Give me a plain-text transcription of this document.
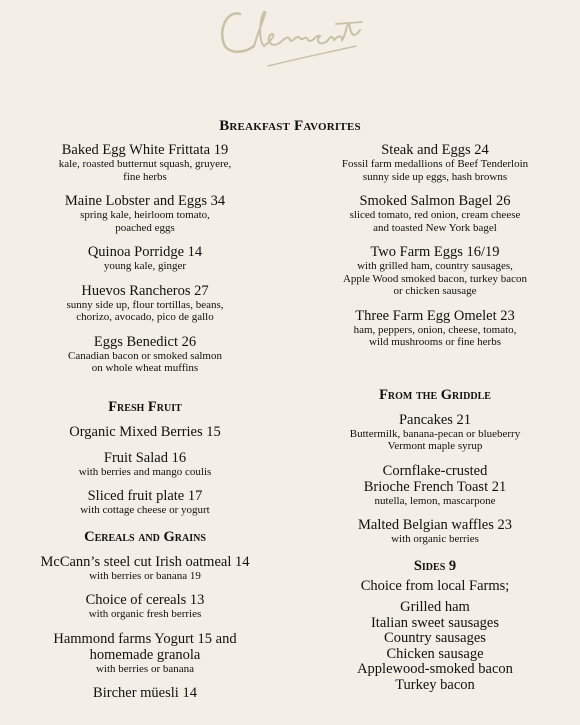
Breakfast Favorites
Baked Egg White Frittata 19
kale, roasted butternut squash, gruyere,
fine herbs
Maine Lobster and Eggs 34
spring kale, heirloom tomato,
poached eggs
Quinoa Porridge 14
young kale, ginger
Huevos Rancheros 27
sunny side up, flour tortillas, beans,
chorizo, avocado, pico de gallo
Eggs Benedict 26
Canadian bacon or smoked salmon
on whole wheat muffins
Fresh Fruit
Organic Mixed Berries 15
Fruit Salad 16
with berries and mango coulis
Sliced fruit plate 17
with cottage cheese or yogurt
Cereals and Grains
McCann’s steel cut Irish oatmeal 14
with berries or banana 19
Choice of cereals 13
with organic fresh berries
Hammond farms Yogurt 15 and homemade granola
with berries or banana
Bircher müesli 14
Steak and Eggs 24
Fossil farm medallions of Beef Tenderloin
sunny side up eggs, hash browns
Smoked Salmon Bagel 26
sliced tomato, red onion, cream cheese
and toasted New York bagel
Two Farm Eggs 16/19
with grilled ham, country sausages,
Apple Wood smoked bacon, turkey bacon
or chicken sausage
Three Farm Egg Omelet 23
ham, peppers, onion, cheese, tomato,
wild mushrooms or fine herbs
From the Griddle
Pancakes 21
Buttermilk, banana-pecan or blueberry
Vermont maple syrup
Cornflake-crusted Brioche French Toast 21
nutella, lemon, mascarpone
Malted Belgian waffles 23
with organic berries
Sides 9
Choice from local Farms;
Grilled ham
Italian sweet sausages
Country sausages
Chicken sausage
Applewood-smoked bacon
Turkey bacon
